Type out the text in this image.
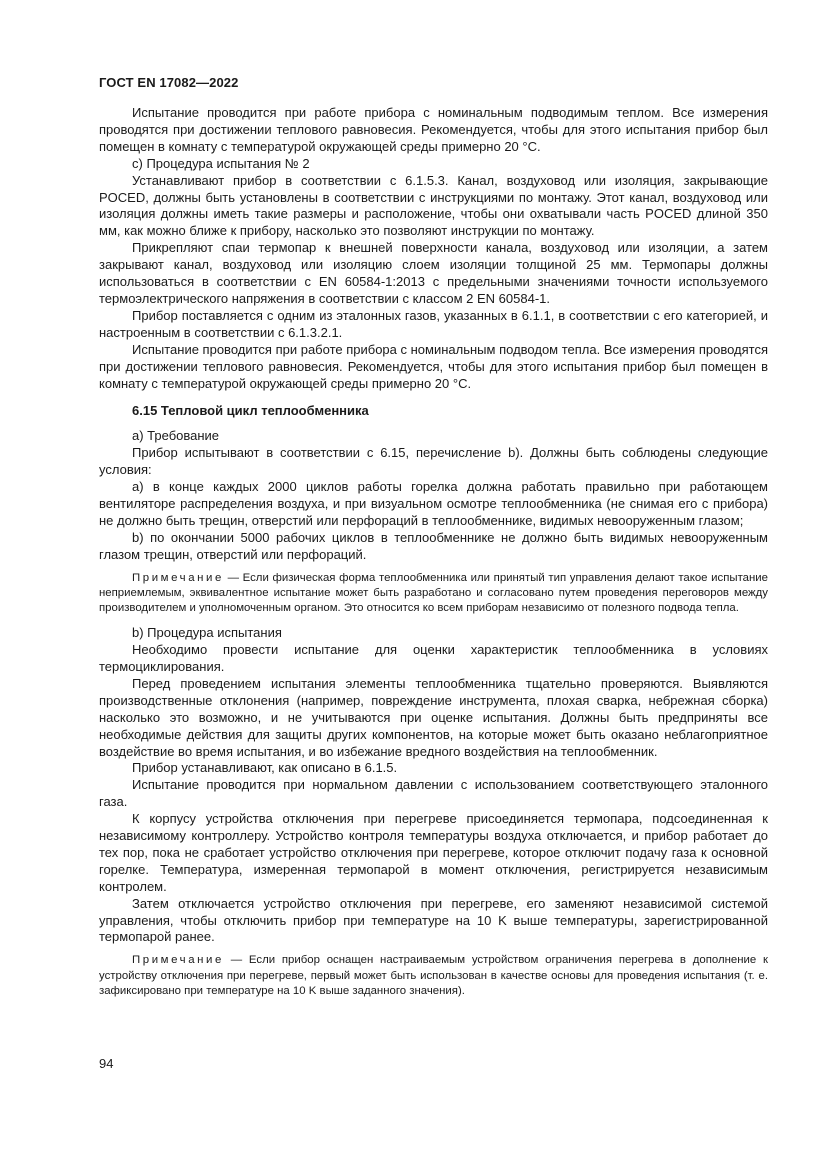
ГОСТ EN 17082—2022

Испытание проводится при работе прибора с номинальным подводимым теплом. Все измерения проводятся при достижении теплового равновесия. Рекомендуется, чтобы для этого испытания прибор был помещен в комнату с температурой окружающей среды примерно 20 °С.

с) Процедура испытания № 2

Устанавливают прибор в соответствии с 6.1.5.3. Канал, воздуховод или изоляция, закрывающие POCED, должны быть установлены в соответствии с инструкциями по монтажу. Этот канал, воздуховод или изоляция должны иметь такие размеры и расположение, чтобы они охватывали часть POCED длиной 350 мм, как можно ближе к прибору, насколько это позволяют инструкции по монтажу.

Прикрепляют спаи термопар к внешней поверхности канала, воздуховод или изоляции, а затем закрывают канал, воздуховод или изоляцию слоем изоляции толщиной 25 мм. Термопары должны использоваться в соответствии с EN 60584-1:2013 с предельными значениями точности используемого термоэлектрического напряжения в соответствии с классом 2 EN 60584-1.

Прибор поставляется с одним из эталонных газов, указанных в 6.1.1, в соответствии с его категорией, и настроенным в соответствии с 6.1.3.2.1.

Испытание проводится при работе прибора с номинальным подводом тепла. Все измерения проводятся при достижении теплового равновесия. Рекомендуется, чтобы для этого испытания прибор был помещен в комнату с температурой окружающей среды примерно 20 °С.

6.15 Тепловой цикл теплообменника

а) Требование

Прибор испытывают в соответствии с 6.15, перечисление b). Должны быть соблюдены следующие условия:

а) в конце каждых 2000 циклов работы горелка должна работать правильно при работающем вентиляторе распределения воздуха, и при визуальном осмотре теплообменника (не снимая его с прибора) не должно быть трещин, отверстий или перфораций в теплообменнике, видимых невооруженным глазом;

b) по окончании 5000 рабочих циклов в теплообменнике не должно быть видимых невооруженным глазом трещин, отверстий или перфораций.

Примечание — Если физическая форма теплообменника или принятый тип управления делают такое испытание неприемлемым, эквивалентное испытание может быть разработано и согласовано путем проведения переговоров между производителем и уполномоченным органом. Это относится ко всем приборам независимо от полезного подвода тепла.

b) Процедура испытания

Необходимо провести испытание для оценки характеристик теплообменника в условиях термоциклирования.

Перед проведением испытания элементы теплообменника тщательно проверяются. Выявляются производственные отклонения (например, повреждение инструмента, плохая сварка, небрежная сборка) насколько это возможно, и не учитываются при оценке испытания. Должны быть предприняты все необходимые действия для защиты других компонентов, на которые может быть оказано неблагоприятное воздействие во время испытания, и во избежание вредного воздействия на теплообменник.

Прибор устанавливают, как описано в 6.1.5.

Испытание проводится при нормальном давлении с использованием соответствующего эталонного газа.

К корпусу устройства отключения при перегреве присоединяется термопара, подсоединенная к независимому контроллеру. Устройство контроля температуры воздуха отключается, и прибор работает до тех пор, пока не сработает устройство отключения при перегреве, которое отключит подачу газа к основной горелке. Температура, измеренная термопарой в момент отключения, регистрируется независимым контролем.

Затем отключается устройство отключения при перегреве, его заменяют независимой системой управления, чтобы отключить прибор при температуре на 10 K выше температуры, зарегистрированной термопарой ранее.

Примечание — Если прибор оснащен настраиваемым устройством ограничения перегрева в дополнение к устройству отключения при перегреве, первый может быть использован в качестве основы для проведения испытания (т. е. зафиксировано при температуре на 10 K выше заданного значения).

94
